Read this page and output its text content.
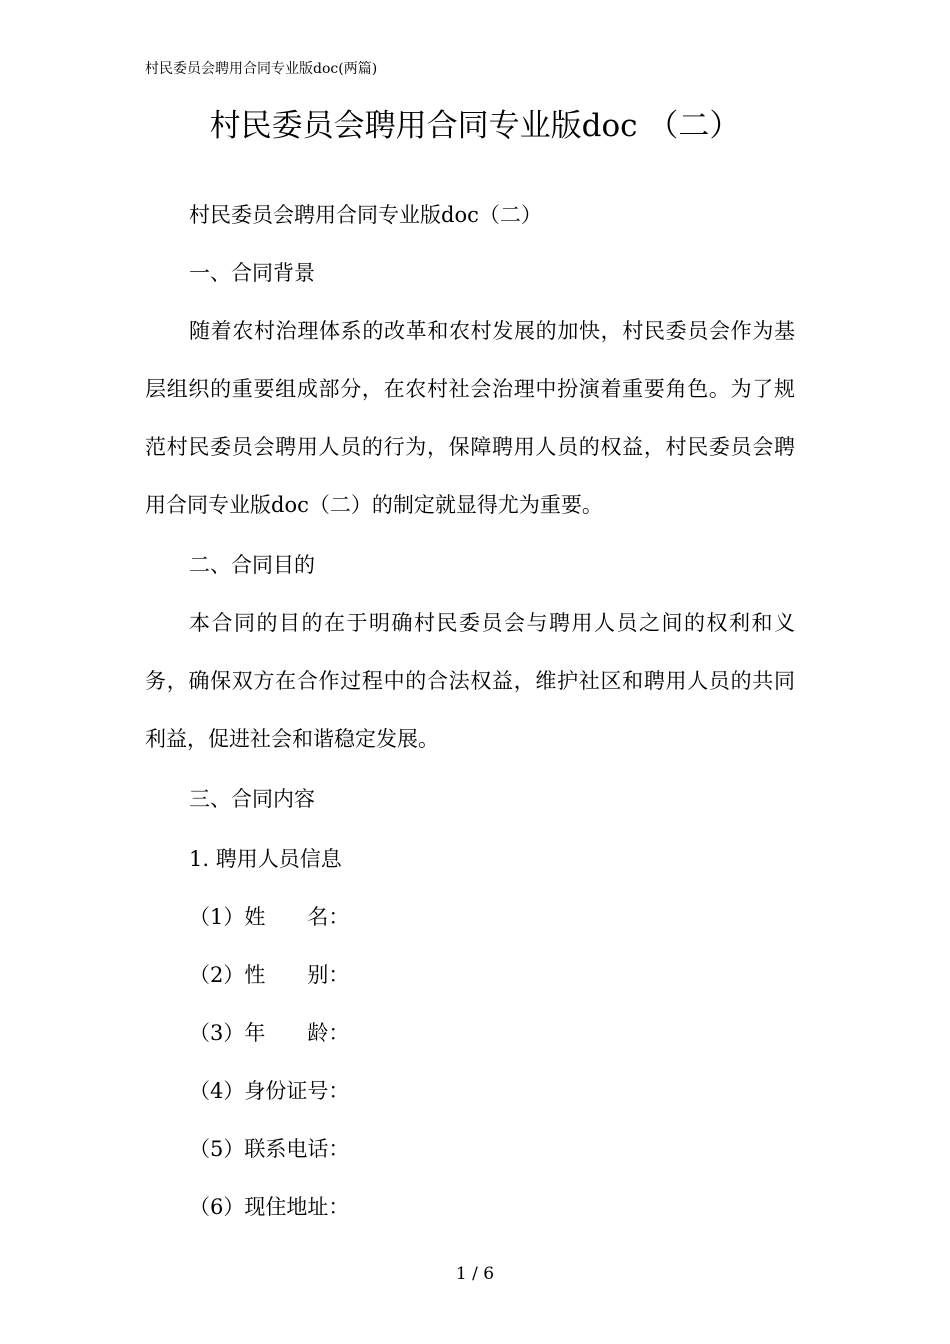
村民委员会聘用合同专业版doc(两篇)
村民委员会聘用合同专业版doc （二）

村民委员会聘用合同专业版doc（二）

一、合同背景

随着农村治理体系的改革和农村发展的加快，村民委员会作为基层组织的重要组成部分，在农村社会治理中扮演着重要角色。为了规范村民委员会聘用人员的行为，保障聘用人员的权益，村民委员会聘用合同专业版doc（二）的制定就显得尤为重要。

二、合同目的

本合同的目的在于明确村民委员会与聘用人员之间的权利和义务，确保双方在合作过程中的合法权益，维护社区和聘用人员的共同利益，促进社会和谐稳定发展。

三、合同内容

1. 聘用人员信息

（1）姓　　名：
（2）性　　别：
（3）年　　龄：
（4）身份证号：
（5）联系电话：
（6）现住地址：
1 / 6
